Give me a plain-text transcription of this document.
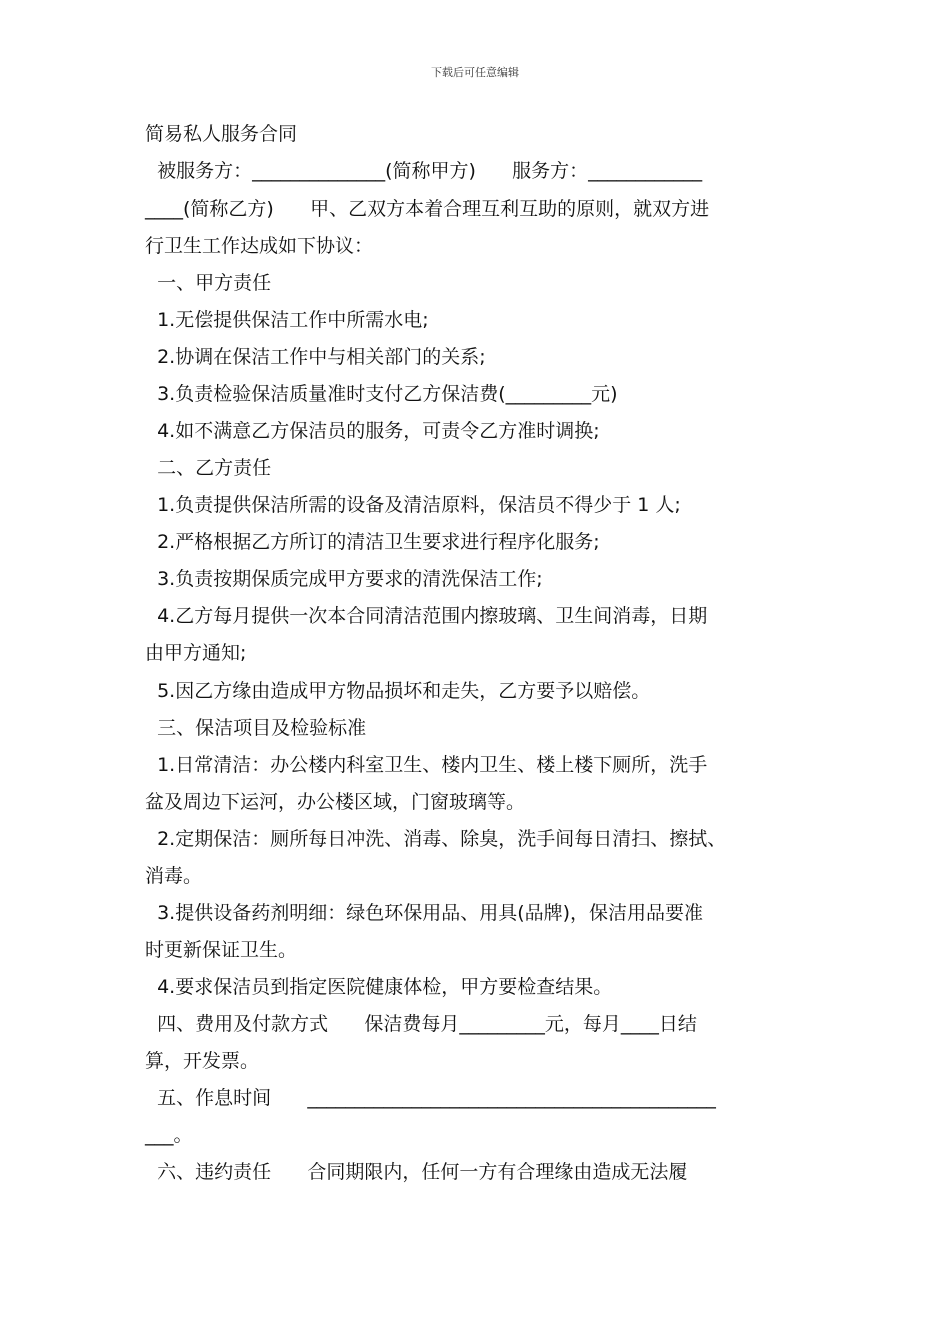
下载后可任意编辑
简易私人服务合同
被服务方：______________(简称甲方)      服务方：____________
____(简称乙方)      甲、乙双方本着合理互利互助的原则，就双方进
行卫生工作达成如下协议：
一、甲方责任
1.无偿提供保洁工作中所需水电;
2.协调在保洁工作中与相关部门的关系;
3.负责检验保洁质量准时支付乙方保洁费(_________元)
4.如不满意乙方保洁员的服务，可责令乙方准时调换;
二、乙方责任
1.负责提供保洁所需的设备及清洁原料，保洁员不得少于 1 人;
2.严格根据乙方所订的清洁卫生要求进行程序化服务;
3.负责按期保质完成甲方要求的清洗保洁工作;
4.乙方每月提供一次本合同清洁范围内擦玻璃、卫生间消毒，日期
由甲方通知;
5.因乙方缘由造成甲方物品损坏和走失，乙方要予以赔偿。
三、保洁项目及检验标准
1.日常清洁：办公楼内科室卫生、楼内卫生、楼上楼下厕所，洗手
盆及周边下运河，办公楼区域，门窗玻璃等。
2.定期保洁：厕所每日冲洗、消毒、除臭，洗手间每日清扫、擦拭、
消毒。
3.提供设备药剂明细：绿色环保用品、用具(品牌)，保洁用品要准
时更新保证卫生。
4.要求保洁员到指定医院健康体检，甲方要检查结果。
四、费用及付款方式      保洁费每月_________元，每月____日结
算，开发票。
五、作息时间      ___________________________________________
___。
六、违约责任      合同期限内，任何一方有合理缘由造成无法履
